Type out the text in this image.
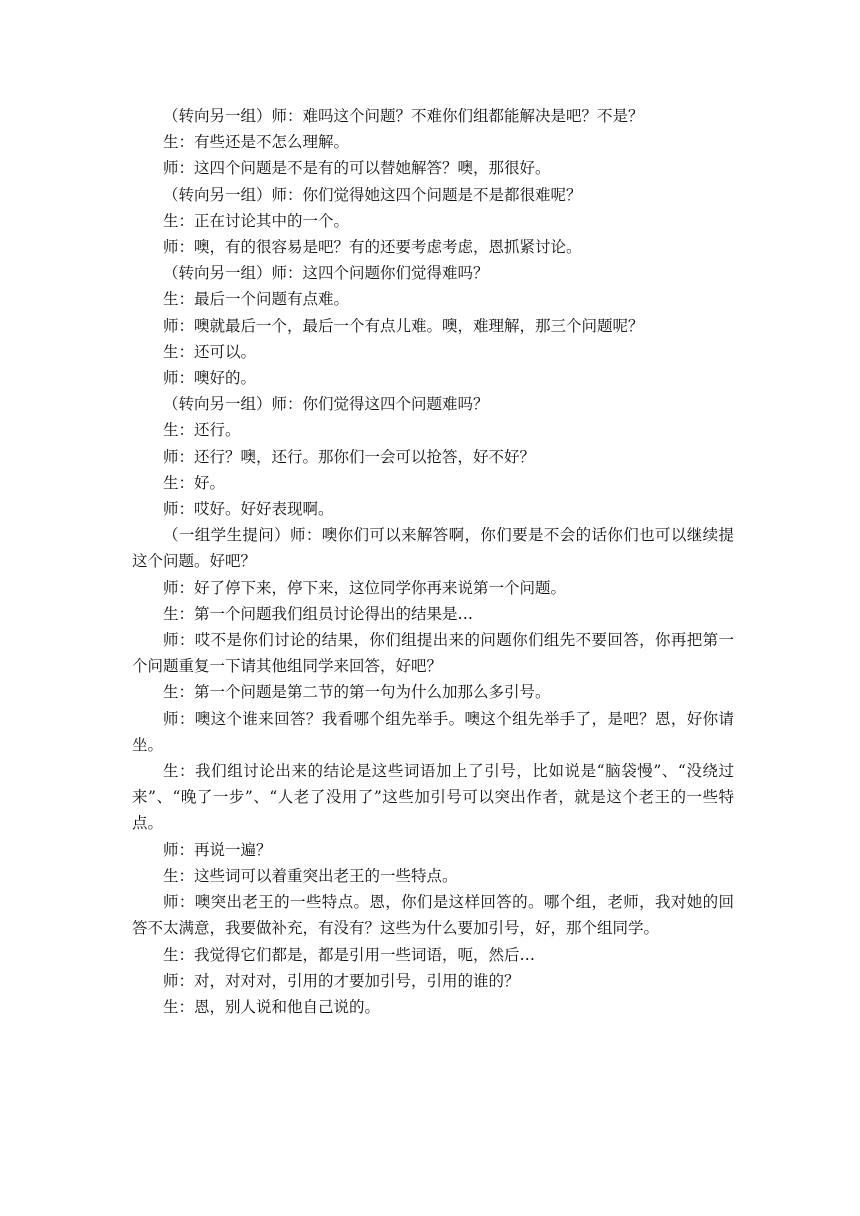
（转向另一组）师：难吗这个问题？不难你们组都能解决是吧？不是？

生：有些还是不怎么理解。

师：这四个问题是不是有的可以替她解答？噢，那很好。

（转向另一组）师：你们觉得她这四个问题是不是都很难呢？

生：正在讨论其中的一个。

师：噢，有的很容易是吧？有的还要考虑考虑，恩抓紧讨论。

（转向另一组）师：这四个问题你们觉得难吗？

生：最后一个问题有点难。

师：噢就最后一个，最后一个有点儿难。噢，难理解，那三个问题呢？

生：还可以。

师：噢好的。

（转向另一组）师：你们觉得这四个问题难吗？

生：还行。

师：还行？噢，还行。那你们一会可以抢答，好不好？

生：好。

师：哎好。好好表现啊。

（一组学生提问）师：噢你们可以来解答啊，你们要是不会的话你们也可以继续提这个问题。好吧？

师：好了停下来，停下来，这位同学你再来说第一个问题。

生：第一个问题我们组员讨论得出的结果是…

师：哎不是你们讨论的结果，你们组提出来的问题你们组先不要回答，你再把第一个问题重复一下请其他组同学来回答，好吧？

生：第一个问题是第二节的第一句为什么加那么多引号。

师：噢这个谁来回答？我看哪个组先举手。噢这个组先举手了，是吧？恩，好你请坐。

生：我们组讨论出来的结论是这些词语加上了引号，比如说是“脑袋慢”、“没绕过来”、“晚了一步”、“人老了没用了”这些加引号可以突出作者，就是这个老王的一些特点。

师：再说一遍？

生：这些词可以着重突出老王的一些特点。

师：噢突出老王的一些特点。恩，你们是这样回答的。哪个组，老师，我对她的回答不太满意，我要做补充，有没有？这些为什么要加引号，好，那个组同学。

生：我觉得它们都是，都是引用一些词语，呃，然后…

师：对，对对对，引用的才要加引号，引用的谁的？

生：恩，别人说和他自己说的。
